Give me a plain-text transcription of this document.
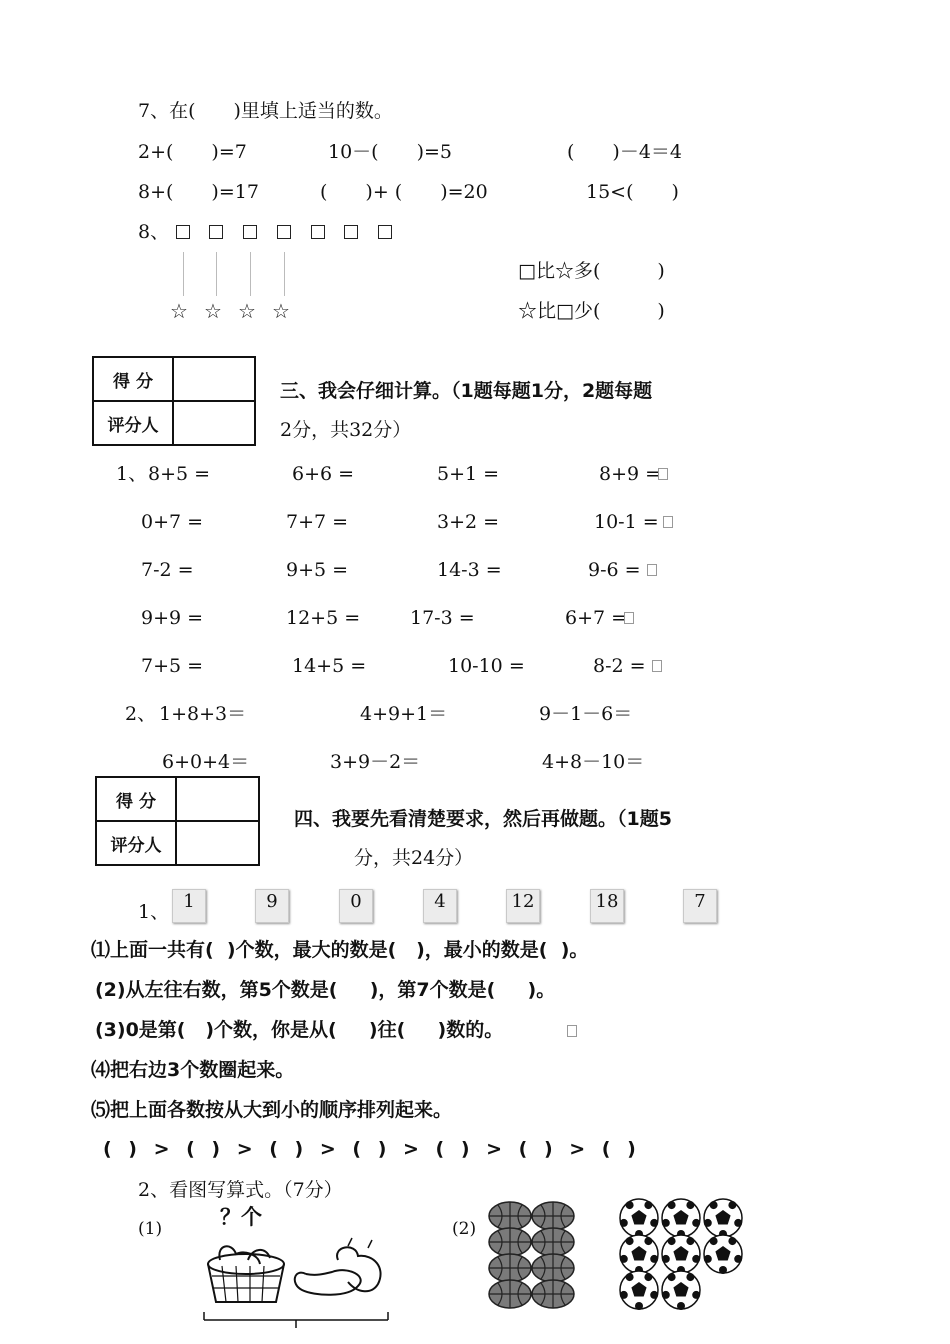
7、在(　　)里填上适当的数。
2+(　　)=7	10－(　　)=5	(　　)－4＝4
8+(　　)=17	(　　)+ (　　)=20	15<(　　)
8、
☆ ☆ ☆ ☆
□比☆多(　　　)
☆比□少(　　　)
得 分
评分人
三、我会仔细计算。（1题每题1分，2题每题
2分，共32分）
1、 8+5 =	6+6 =	5+1 =	8+9 =
0+7 =	7+7 =	3+2 =	10-1 =
7-2 =	9+5 =	14-3 =	9-6 =
9+9 =	12+5 =	17-3 =	6+7 =
7+5 =	14+5 =	10-10 =	8-2 =
2、 1+8+3＝	4+9+1＝	9－1－6＝
6+0+4＝	3+9－2＝	4+8－10＝
得 分
评分人
四、我要先看清楚要求，然后再做题。（1题5
分，共24分）
1、 1	9	0	4	12	18	7
⑴上面一共有(  )个数，最大的数是(   )，最小的数是(  )。
(2)从左往右数，第5个数是(　  )，第7个数是(　  )。
(3)0是第(   )个数，你是从(　  )往(　  )数的。
⑷把右边3个数圈起来。
⑸把上面各数按从大到小的顺序排列起来。
( ) > ( ) > ( ) > ( ) > ( ) > ( ) > ( )
2、看图写算式。（7分）
(1)	？个	(2)
